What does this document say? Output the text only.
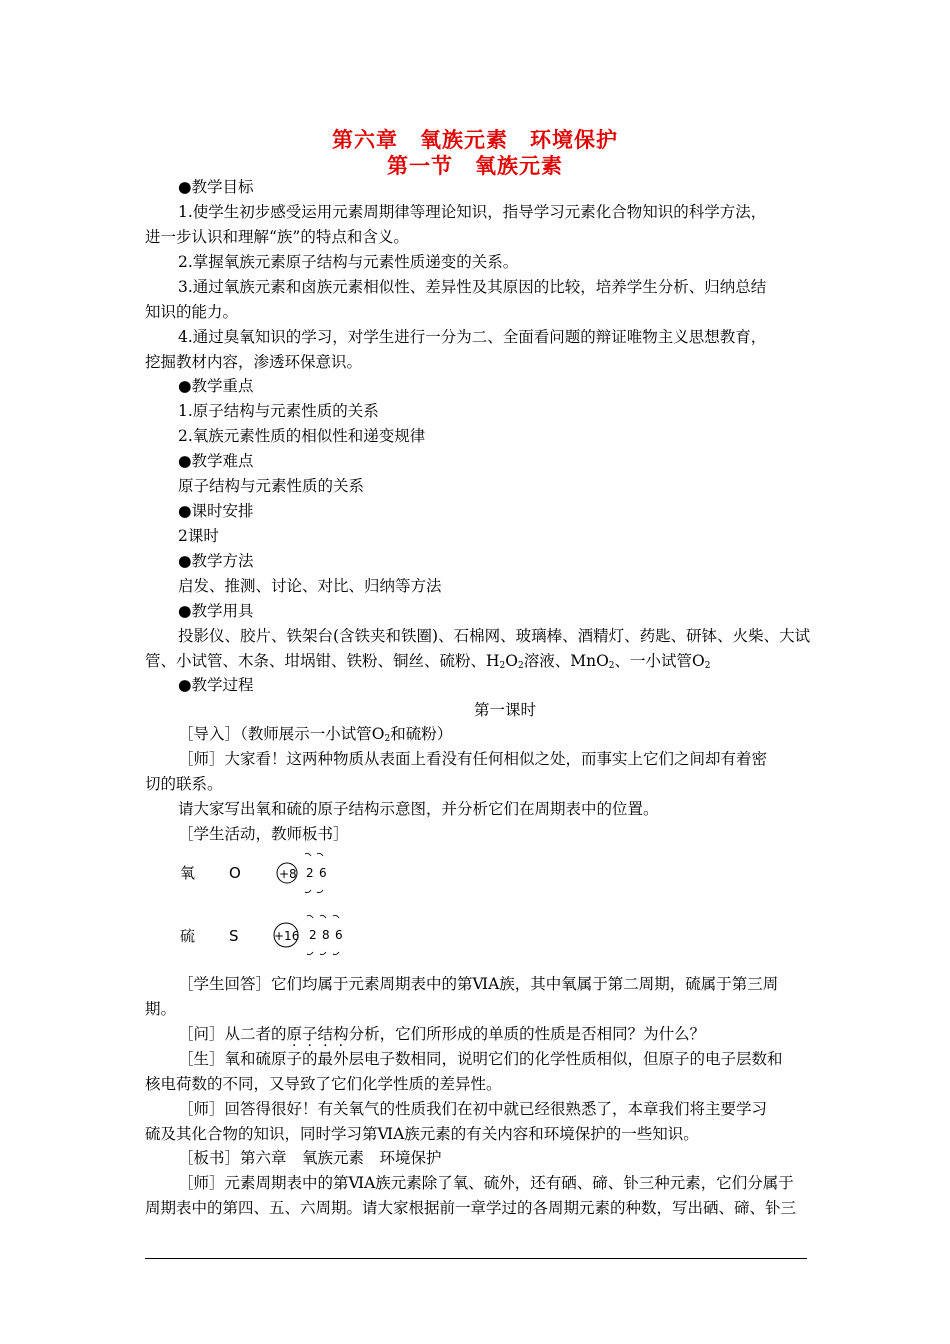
第六章 氧族元素 环境保护
第一节 氧族元素
●教学目标
1.使学生初步感受运用元素周期律等理论知识，指导学习元素化合物知识的科学方法，
进一步认识和理解“族”的特点和含义。
2.掌握氧族元素原子结构与元素性质递变的关系。
3.通过氧族元素和卤族元素相似性、差异性及其原因的比较，培养学生分析、归纳总结
知识的能力。
4.通过臭氧知识的学习，对学生进行一分为二、全面看问题的辩证唯物主义思想教育，
挖掘教材内容，渗透环保意识。
●教学重点
1.原子结构与元素性质的关系
2.氧族元素性质的相似性和递变规律
●教学难点
原子结构与元素性质的关系
●课时安排
2课时
●教学方法
启发、推测、讨论、对比、归纳等方法
●教学用具
投影仪、胶片、铁架台(含铁夹和铁圈)、石棉网、玻璃棒、酒精灯、药匙、研钵、火柴、大试
管、小试管、木条、坩埚钳、铁粉、铜丝、硫粉、$H_2O_2$溶液、MnO$_2$、一小试管$O_2$
●教学过程
第一课时
［导入］（教师展示一小试管$O_2$和硫粉）
［师］大家看！这两种物质从表面上看没有任何相似之处，而事实上它们之间却有着密
切的联系。
请大家写出氧和硫的原子结构示意图，并分析它们在周期表中的位置。
［学生活动，教师板书］
氧 O	+8 2 6
硫 S	+16 2 8 6
［学生回答］它们均属于元素周期表中的第ⅥA族，其中氧属于第二周期，硫属于第三周
期。
［问］从二者的原子结构分析，它们所形成的单质的性质是否相同？为什么？
［生］氧和硫原子的最外层电子数相同，说明它们的化学性质相似，但原子的电子层数和
核电荷数的不同，又导致了它们化学性质的差异性。
［师］回答得很好！有关氧气的性质我们在初中就已经很熟悉了，本章我们将主要学习
硫及其化合物的知识，同时学习第ⅥA族元素的有关内容和环境保护的一些知识。
［板书］第六章　氧族元素　环境保护
［师］元素周期表中的第ⅥA族元素除了氧、硫外，还有硒、碲、钋三种元素，它们分属于
周期表中的第四、五、六周期。请大家根据前一章学过的各周期元素的种数，写出硒、碲、钋三
